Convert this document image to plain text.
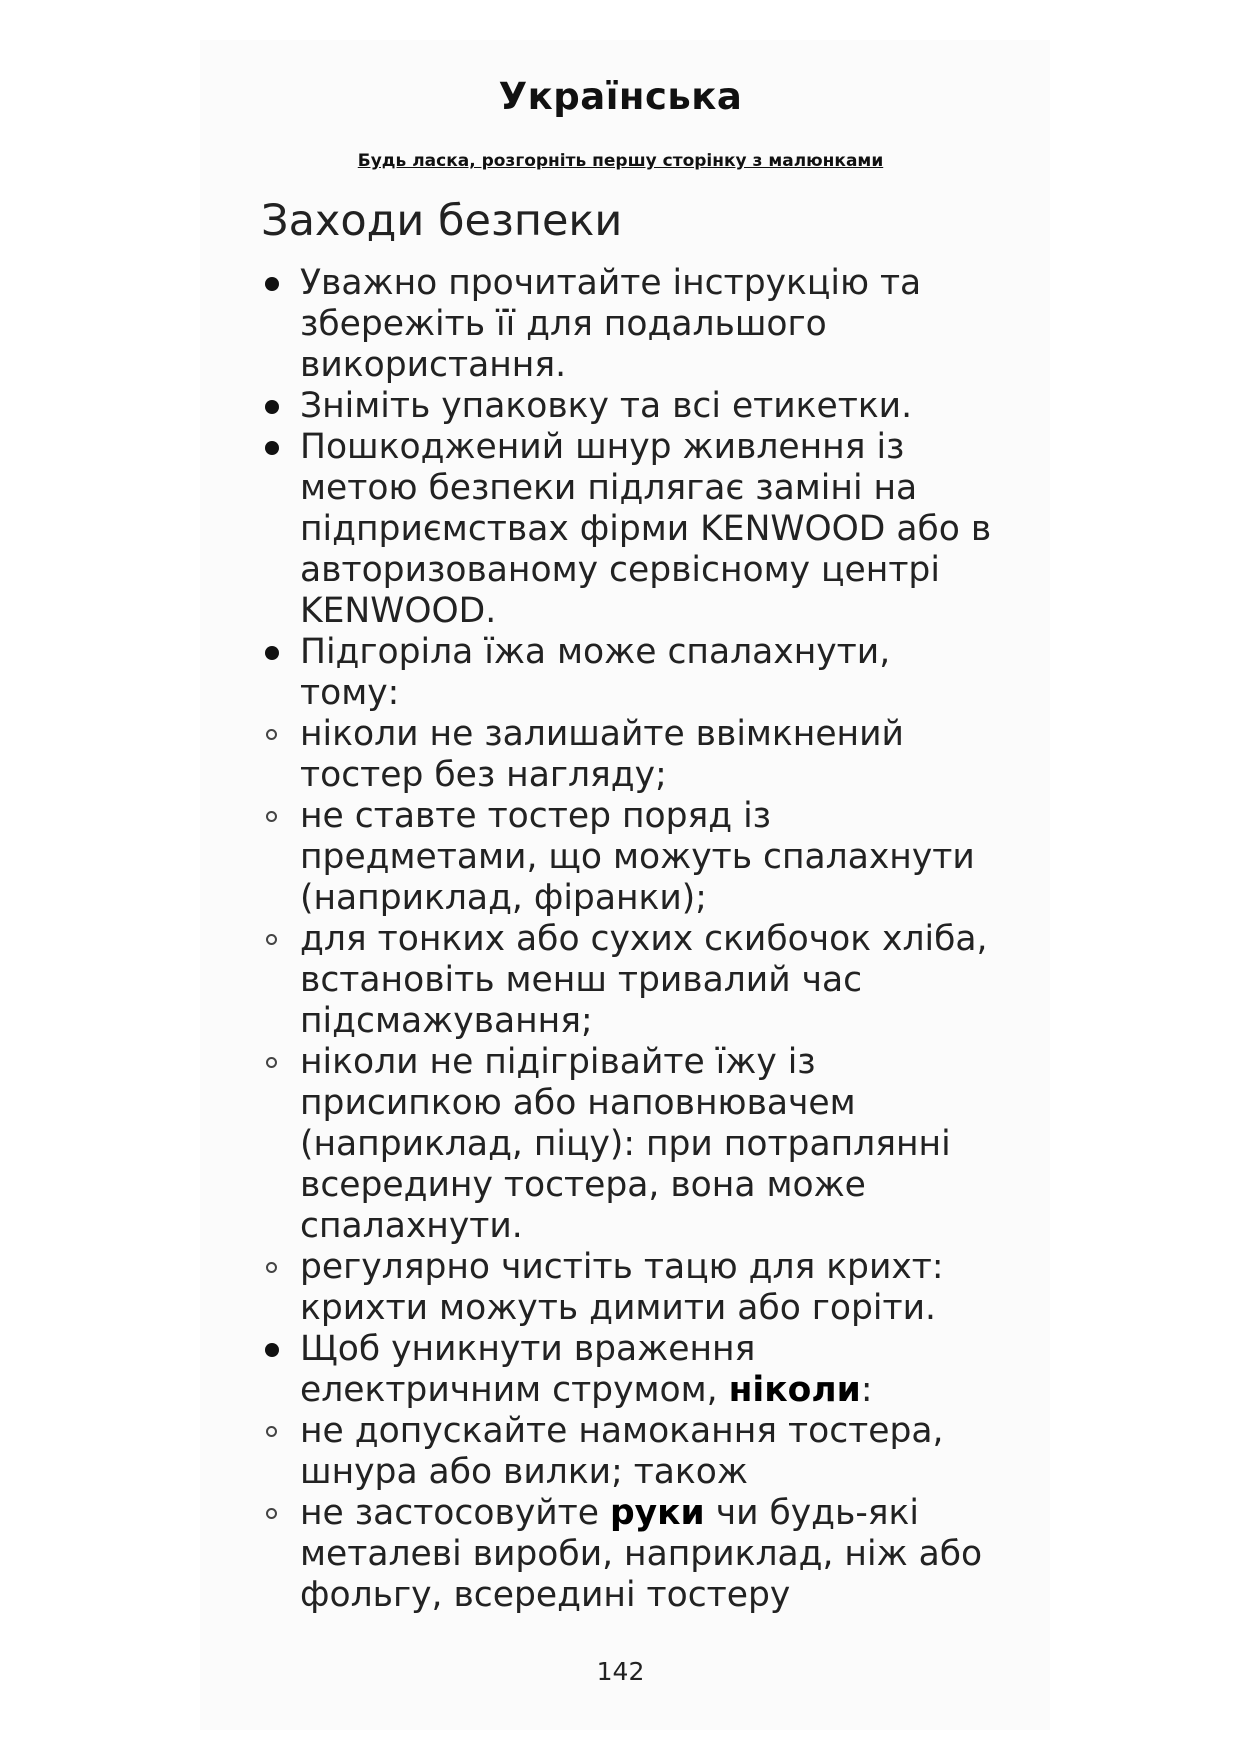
Українська
Будь ласка, розгорніть першу сторінку з малюнками
Заходи безпеки
Уважно прочитайте інструкцію та збережіть її для подальшого використання.
Зніміть упаковку та всі етикетки.
Пошкоджений шнур живлення із метою безпеки підлягає заміні на підприємствах фірми KENWOOD або в авторизованому сервісному центрі KENWOOD.
Підгоріла їжа може спалахнути, тому:
ніколи не залишайте ввімкнений тостер без нагляду;
не ставте тостер поряд із предметами, що можуть спалахнути (наприклад, фіранки);
для тонких або сухих скибочок хліба, встановіть менш тривалий час підсмажування;
ніколи не підігрівайте їжу із присипкою або наповнювачем (наприклад, піцу): при потраплянні всередину тостера, вона може спалахнути.
регулярно чистіть тацю для крихт: крихти можуть димити або горіти.
Щоб уникнути враження електричним струмом, ніколи:
не допускайте намокання тостера, шнура або вилки; також
не застосовуйте руки чи будь-які металеві вироби, наприклад, ніж або фольгу, всередині тостеру
142
